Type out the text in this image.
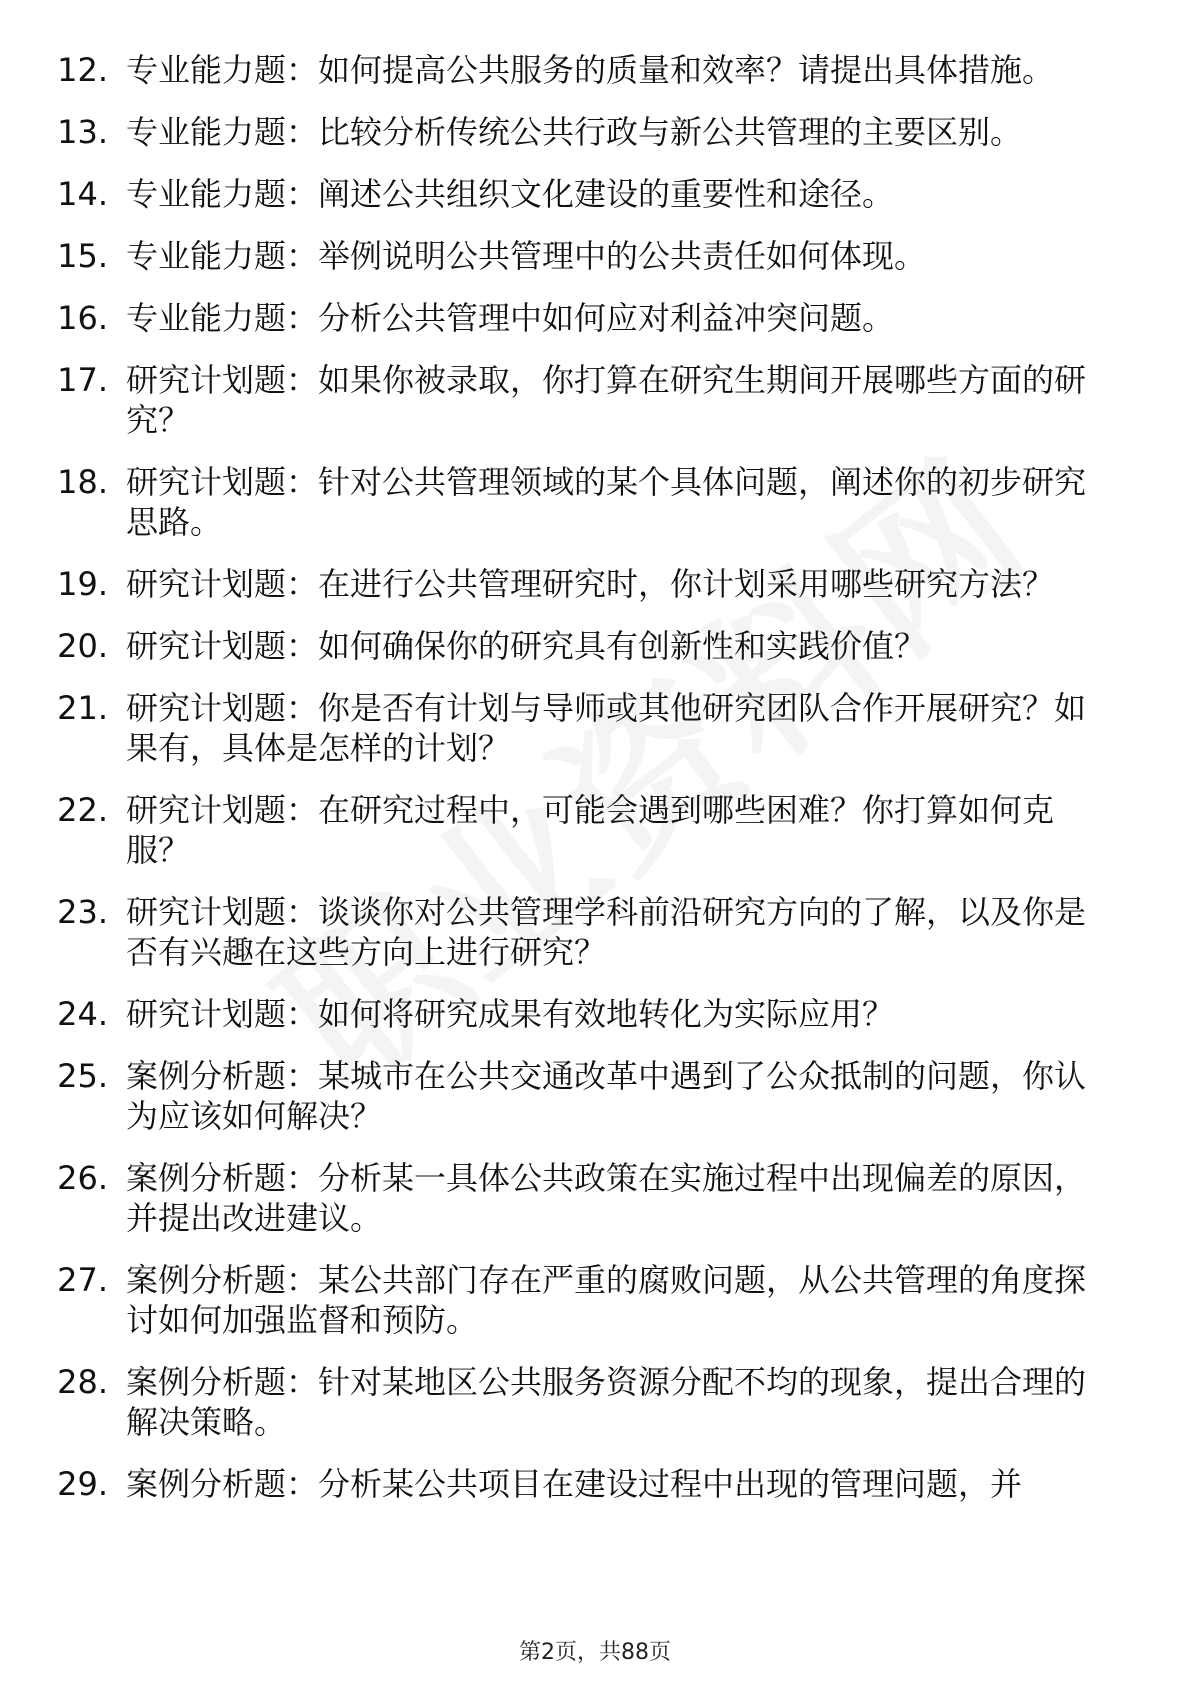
12. 专业能力题：如何提高公共服务的质量和效率？请提出具体措施。
13. 专业能力题：比较分析传统公共行政与新公共管理的主要区别。
14. 专业能力题：阐述公共组织文化建设的重要性和途径。
15. 专业能力题：举例说明公共管理中的公共责任如何体现。
16. 专业能力题：分析公共管理中如何应对利益冲突问题。
17. 研究计划题：如果你被录取，你打算在研究生期间开展哪些方面的研究？
18. 研究计划题：针对公共管理领域的某个具体问题，阐述你的初步研究思路。
19. 研究计划题：在进行公共管理研究时，你计划采用哪些研究方法？
20. 研究计划题：如何确保你的研究具有创新性和实践价值？
21. 研究计划题：你是否有计划与导师或其他研究团队合作开展研究？如果有，具体是怎样的计划？
22. 研究计划题：在研究过程中，可能会遇到哪些困难？你打算如何克服？
23. 研究计划题：谈谈你对公共管理学科前沿研究方向的了解，以及你是否有兴趣在这些方向上进行研究？
24. 研究计划题：如何将研究成果有效地转化为实际应用？
25. 案例分析题：某城市在公共交通改革中遇到了公众抵制的问题，你认为应该如何解决？
26. 案例分析题：分析某一具体公共政策在实施过程中出现偏差的原因，并提出改进建议。
27. 案例分析题：某公共部门存在严重的腐败问题，从公共管理的角度探讨如何加强监督和预防。
28. 案例分析题：针对某地区公共服务资源分配不均的现象，提出合理的解决策略。
29. 案例分析题：分析某公共项目在建设过程中出现的管理问题，并
第2页，共88页
